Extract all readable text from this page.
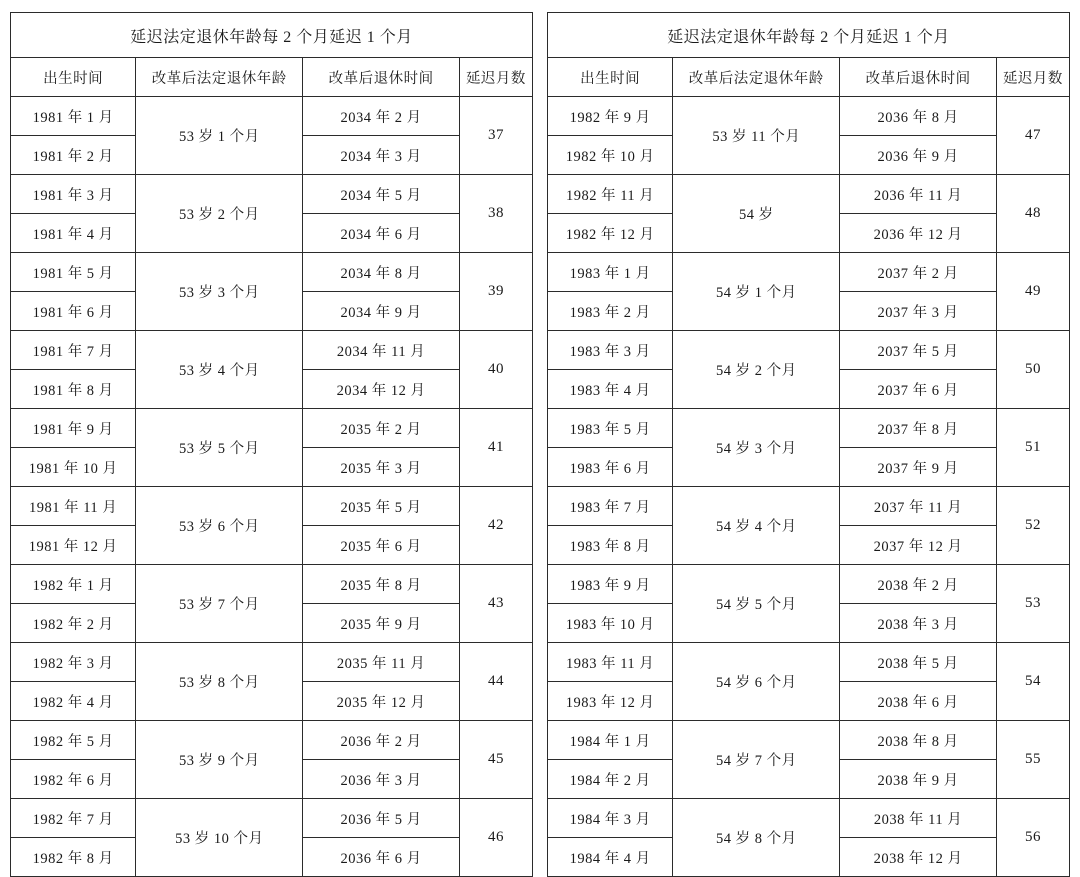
延迟法定退休年龄每 2 个月延迟 1 个月			
出生时间	改革后法定退休年龄	改革后退休时间	延迟月数
1981 年 1 月	53 岁 1 个月	2034 年 2 月	37
1981 年 2 月		2034 年 3 月	
1981 年 3 月	53 岁 2 个月	2034 年 5 月	38
1981 年 4 月		2034 年 6 月	
1981 年 5 月	53 岁 3 个月	2034 年 8 月	39
1981 年 6 月		2034 年 9 月	
1981 年 7 月	53 岁 4 个月	2034 年 11 月	40
1981 年 8 月		2034 年 12 月	
1981 年 9 月	53 岁 5 个月	2035 年 2 月	41
1981 年 10 月		2035 年 3 月	
1981 年 11 月	53 岁 6 个月	2035 年 5 月	42
1981 年 12 月		2035 年 6 月	
1982 年 1 月	53 岁 7 个月	2035 年 8 月	43
1982 年 2 月		2035 年 9 月	
1982 年 3 月	53 岁 8 个月	2035 年 11 月	44
1982 年 4 月		2035 年 12 月	
1982 年 5 月	53 岁 9 个月	2036 年 2 月	45
1982 年 6 月		2036 年 3 月	
1982 年 7 月	53 岁 10 个月	2036 年 5 月	46
1982 年 8 月		2036 年 6 月	
延迟法定退休年龄每 2 个月延迟 1 个月			
出生时间	改革后法定退休年龄	改革后退休时间	延迟月数
1982 年 9 月	53 岁 11 个月	2036 年 8 月	47
1982 年 10 月		2036 年 9 月	
1982 年 11 月	54 岁	2036 年 11 月	48
1982 年 12 月		2036 年 12 月	
1983 年 1 月	54 岁 1 个月	2037 年 2 月	49
1983 年 2 月		2037 年 3 月	
1983 年 3 月	54 岁 2 个月	2037 年 5 月	50
1983 年 4 月		2037 年 6 月	
1983 年 5 月	54 岁 3 个月	2037 年 8 月	51
1983 年 6 月		2037 年 9 月	
1983 年 7 月	54 岁 4 个月	2037 年 11 月	52
1983 年 8 月		2037 年 12 月	
1983 年 9 月	54 岁 5 个月	2038 年 2 月	53
1983 年 10 月		2038 年 3 月	
1983 年 11 月	54 岁 6 个月	2038 年 5 月	54
1983 年 12 月		2038 年 6 月	
1984 年 1 月	54 岁 7 个月	2038 年 8 月	55
1984 年 2 月		2038 年 9 月	
1984 年 3 月	54 岁 8 个月	2038 年 11 月	56
1984 年 4 月		2038 年 12 月	
